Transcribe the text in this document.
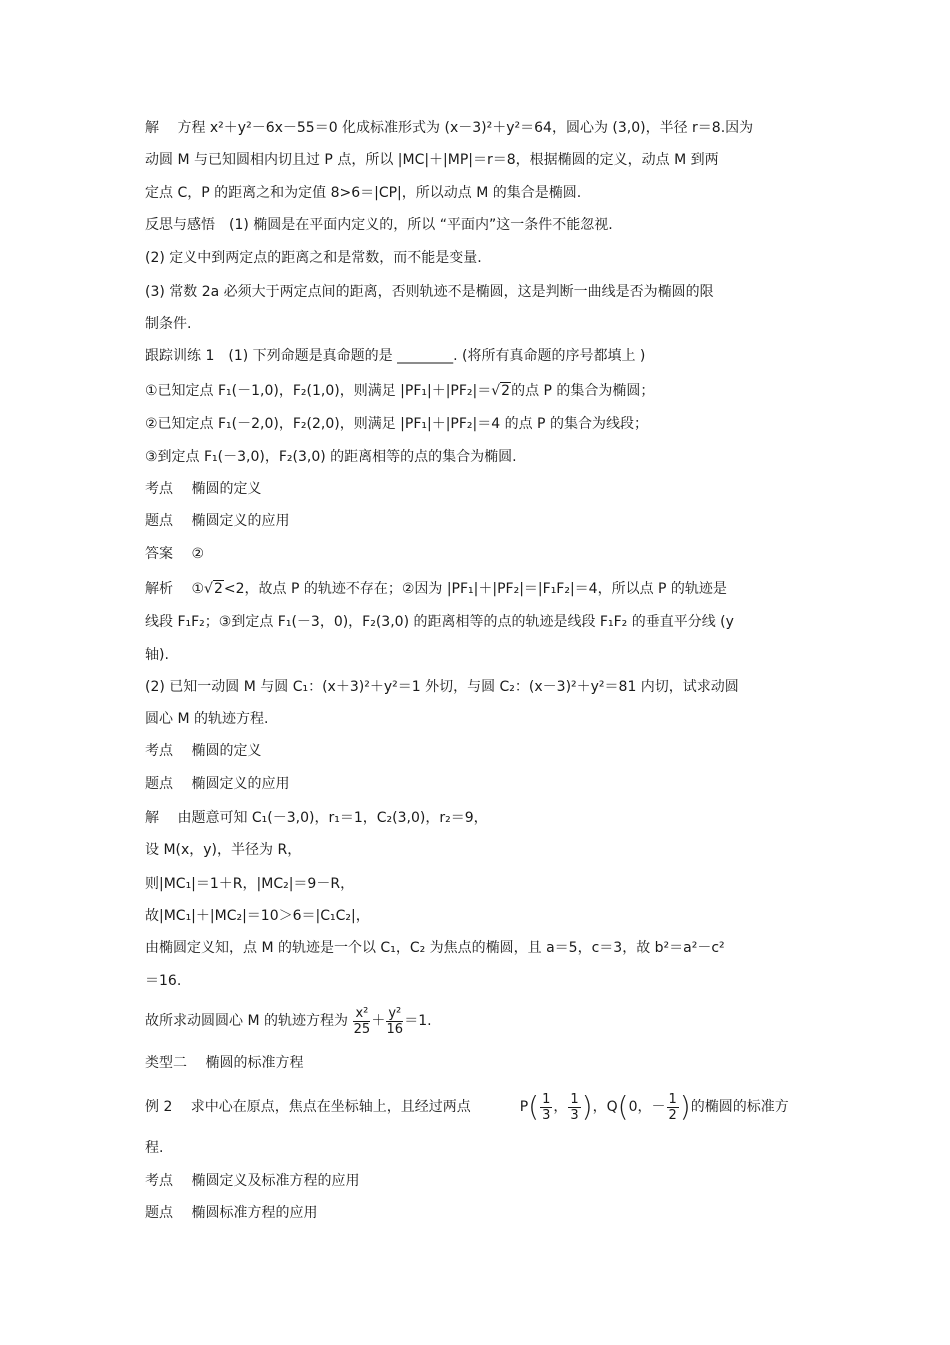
解　 方程 x²＋y²－6x－55＝0 化成标准形式为 (x－3)²＋y²＝64，圆心为 (3,0)，半径 r＝8.因为
动圆 M 与已知圆相内切且过 P 点，所以 |MC|＋|MP|＝r＝8，根据椭圆的定义，动点 M 到两
定点 C，P 的距离之和为定值 8>6＝|CP|，所以动点 M 的集合是椭圆.
反思与感悟　(1) 椭圆是在平面内定义的，所以 “平面内”这一条件不能忽视.
(2) 定义中到两定点的距离之和是常数，而不能是变量.
(3) 常数 2a 必须大于两定点间的距离，否则轨迹不是椭圆，这是判断一曲线是否为椭圆的限
制条件.
跟踪训练 1　(1) 下列命题是真命题的是 ________. (将所有真命题的序号都填上 )
①已知定点 F₁(－1,0)，F₂(1,0)，则满足 |PF₁|＋|PF₂|＝√2的点 P 的集合为椭圆；
②已知定点 F₁(－2,0)，F₂(2,0)，则满足 |PF₁|＋|PF₂|＝4 的点 P 的集合为线段；
③到定点 F₁(－3,0)，F₂(3,0) 的距离相等的点的集合为椭圆.
考点　 椭圆的定义
题点　 椭圆定义的应用
答案　 ②
解析　 ①√2<2，故点 P 的轨迹不存在；②因为 |PF₁|＋|PF₂|＝|F₁F₂|＝4，所以点 P 的轨迹是
线段 F₁F₂；③到定点 F₁(－3，0)，F₂(3,0) 的距离相等的点的轨迹是线段 F₁F₂ 的垂直平分线 (y
轴).
(2) 已知一动圆 M 与圆 C₁：(x＋3)²＋y²＝1 外切，与圆 C₂：(x－3)²＋y²＝81 内切，试求动圆
圆心 M 的轨迹方程.
考点　 椭圆的定义
题点　 椭圆定义的应用
解　 由题意可知 C₁(－3,0)，r₁＝1，C₂(3,0)，r₂＝9，
设 M(x，y)，半径为 R，
则|MC₁|＝1＋R，|MC₂|＝9－R，
故|MC₁|＋|MC₂|＝10＞6＝|C₁C₂|，
由椭圆定义知，点 M 的轨迹是一个以 C₁，C₂ 为焦点的椭圆，且 a＝5，c＝3，故 b²＝a²－c²
＝16.
故所求动圆圆心 M 的轨迹方程为 $\frac{\text{x²}}{25} + \frac{\text{y²}}{16} =1$.
类型二　 椭圆的标准方程
例 2　 求中心在原点，焦点在坐标轴上，且经过两点	$P( \frac{1}{3}$ ， $\frac{1}{3}$ )，Q(0，－ $\frac{1}{2}$ )的椭圆的标准方
程.
考点　 椭圆定义及标准方程的应用
题点　 椭圆标准方程的应用
